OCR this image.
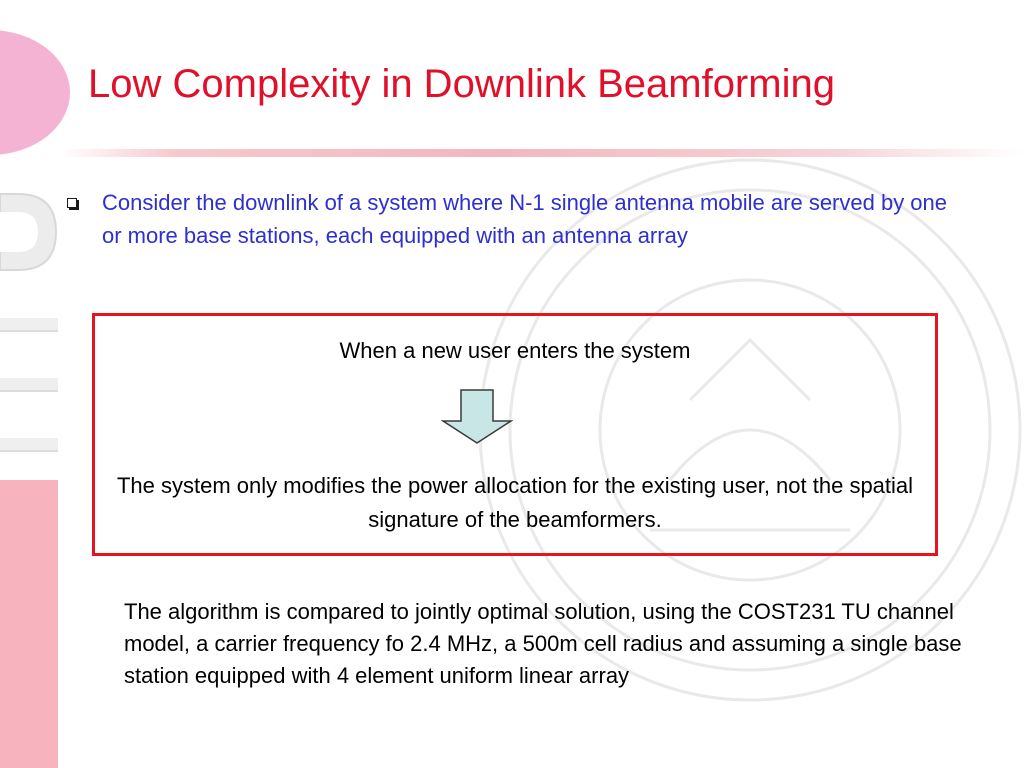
Low Complexity in Downlink Beamforming

Consider the downlink of a system where N-1 single antenna mobile are served by one or more base stations, each equipped with an antenna array

When a new user enters the system

The system only modifies the power allocation for the existing user, not the spatial signature of the beamformers.

The algorithm is compared to jointly optimal solution, using the COST231 TU channel model, a carrier frequency fo 2.4 MHz, a 500m cell radius and assuming a single base station equipped with 4 element uniform linear array
